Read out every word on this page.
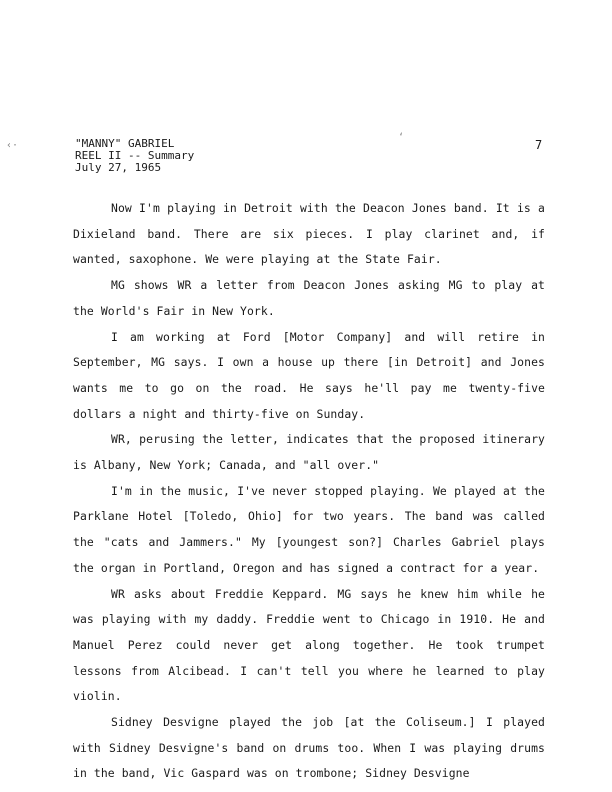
‹·
‘
"MANNY" GABRIEL
REEL II -- Summary
July 27, 1965
7

Now I'm playing in Detroit with the Deacon Jones band. It is a Dixieland band. There are six pieces. I play clarinet and, if wanted, saxophone. We were playing at the State Fair.

MG shows WR a letter from Deacon Jones asking MG to play at the World's Fair in New York.

I am working at Ford [Motor Company] and will retire in September, MG says. I own a house up there [in Detroit] and Jones wants me to go on the road. He says he'll pay me twenty-five dollars a night and thirty-five on Sunday.

WR, perusing the letter, indicates that the proposed itinerary is Albany, New York; Canada, and "all over."

I'm in the music, I've never stopped playing. We played at the Parklane Hotel [Toledo, Ohio] for two years. The band was called the "cats and Jammers." My [youngest son?] Charles Gabriel plays the organ in Portland, Oregon and has signed a contract for a year.

WR asks about Freddie Keppard. MG says he knew him while he was playing with my daddy. Freddie went to Chicago in 1910. He and Manuel Perez could never get along together. He took trumpet lessons from Alcibead. I can't tell you where he learned to play violin.

Sidney Desvigne played the job [at the Coliseum.] I played with Sidney Desvigne's band on drums too. When I was playing drums in the band, Vic Gaspard was on trombone; Sidney Desvigne
